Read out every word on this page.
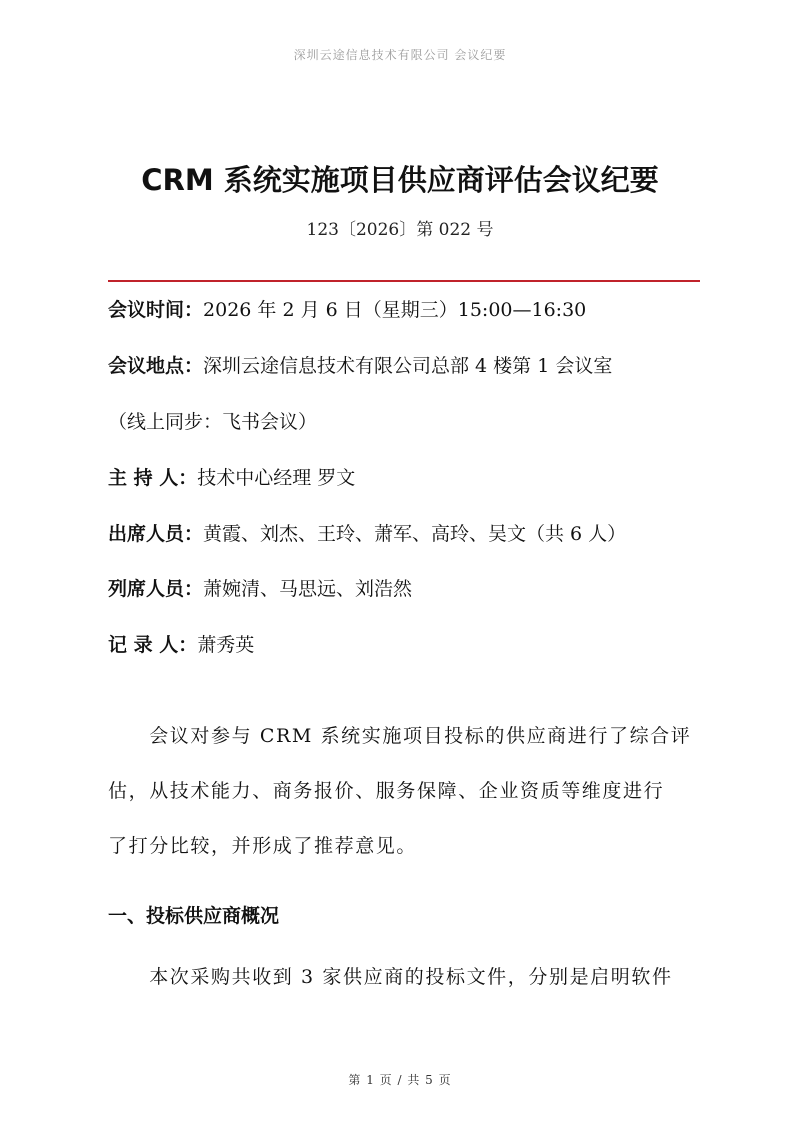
深圳云途信息技术有限公司 会议纪要
CRM 系统实施项目供应商评估会议纪要
123〔2026〕第 022 号
会议时间：2026 年 2 月 6 日（星期三）15:00—16:30
会议地点：深圳云途信息技术有限公司总部 4 楼第 1 会议室
（线上同步：飞书会议）
主 持 人：技术中心经理 罗文
出席人员：黄霞、刘杰、王玲、萧军、高玲、吴文（共 6 人）
列席人员：萧婉清、马思远、刘浩然
记 录 人：萧秀英
　　会议对参与 CRM 系统实施项目投标的供应商进行了综合评
估，从技术能力、商务报价、服务保障、企业资质等维度进行
了打分比较，并形成了推荐意见。
一、投标供应商概况
　　本次采购共收到 3 家供应商的投标文件，分别是启明软件
第 1 页 / 共 5 页
